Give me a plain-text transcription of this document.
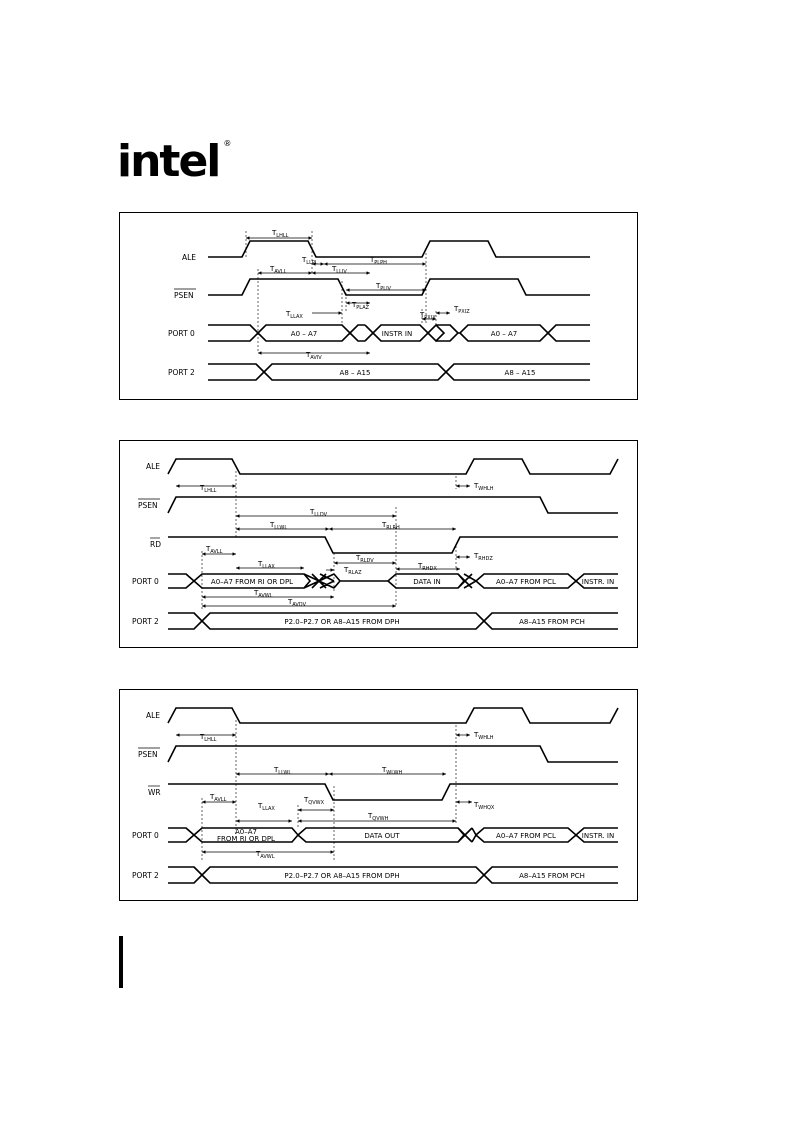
intel ®
ALE
PSEN
PORT 0
PORT 2
A0 – A7	INSTR IN	A0 – A7
A8 – A15	A8 – A15
$T_{LHLL}$
$T_{LLPL}$	$T_{PLPH}$
$T_{AVLL}$	$T_{LLIV}$
$T_{PLIV}$
$T_{PLAZ}$
$T_{LLAX}$	$T_{PXIX}$
$T_{PXIZ}$
$T_{AVIV}$
ALE
PSEN
RD
PORT 0
PORT 2
A0–A7 FROM RI OR DPL	DATA IN	A0–A7 FROM PCL	INSTR. IN
P2.0–P2.7 OR A8–A15 FROM DPH	A8–A15 FROM PCH
$T_{LHLL}$
$T_{WHLH}$
$T_{LLDV}$
$T_{LLWL}$	$T_{RLRH}$
$T_{AVLL}$
$T_{LLAX}$
$T_{RLDV}$
$T_{RLAZ}$
$T_{RHDX}$
$T_{RHDZ}$
$T_{AVWL}$
$T_{AVDV}$
ALE
PSEN
WR
PORT 0
PORT 2
A0–A7
FROM RI OR DPL	DATA OUT	A0–A7 FROM PCL	INSTR. IN
P2.0–P2.7 OR A8–A15 FROM DPH	A8–A15 FROM PCH
$T_{LHLL}$
$T_{WHLH}$
$T_{LLWL}$	$T_{WLWH}$
$T_{AVLL}$
$T_{LLAX}$
$T_{QVWX}$
$T_{QVWH}$
$T_{WHQX}$
$T_{AVWL}$
